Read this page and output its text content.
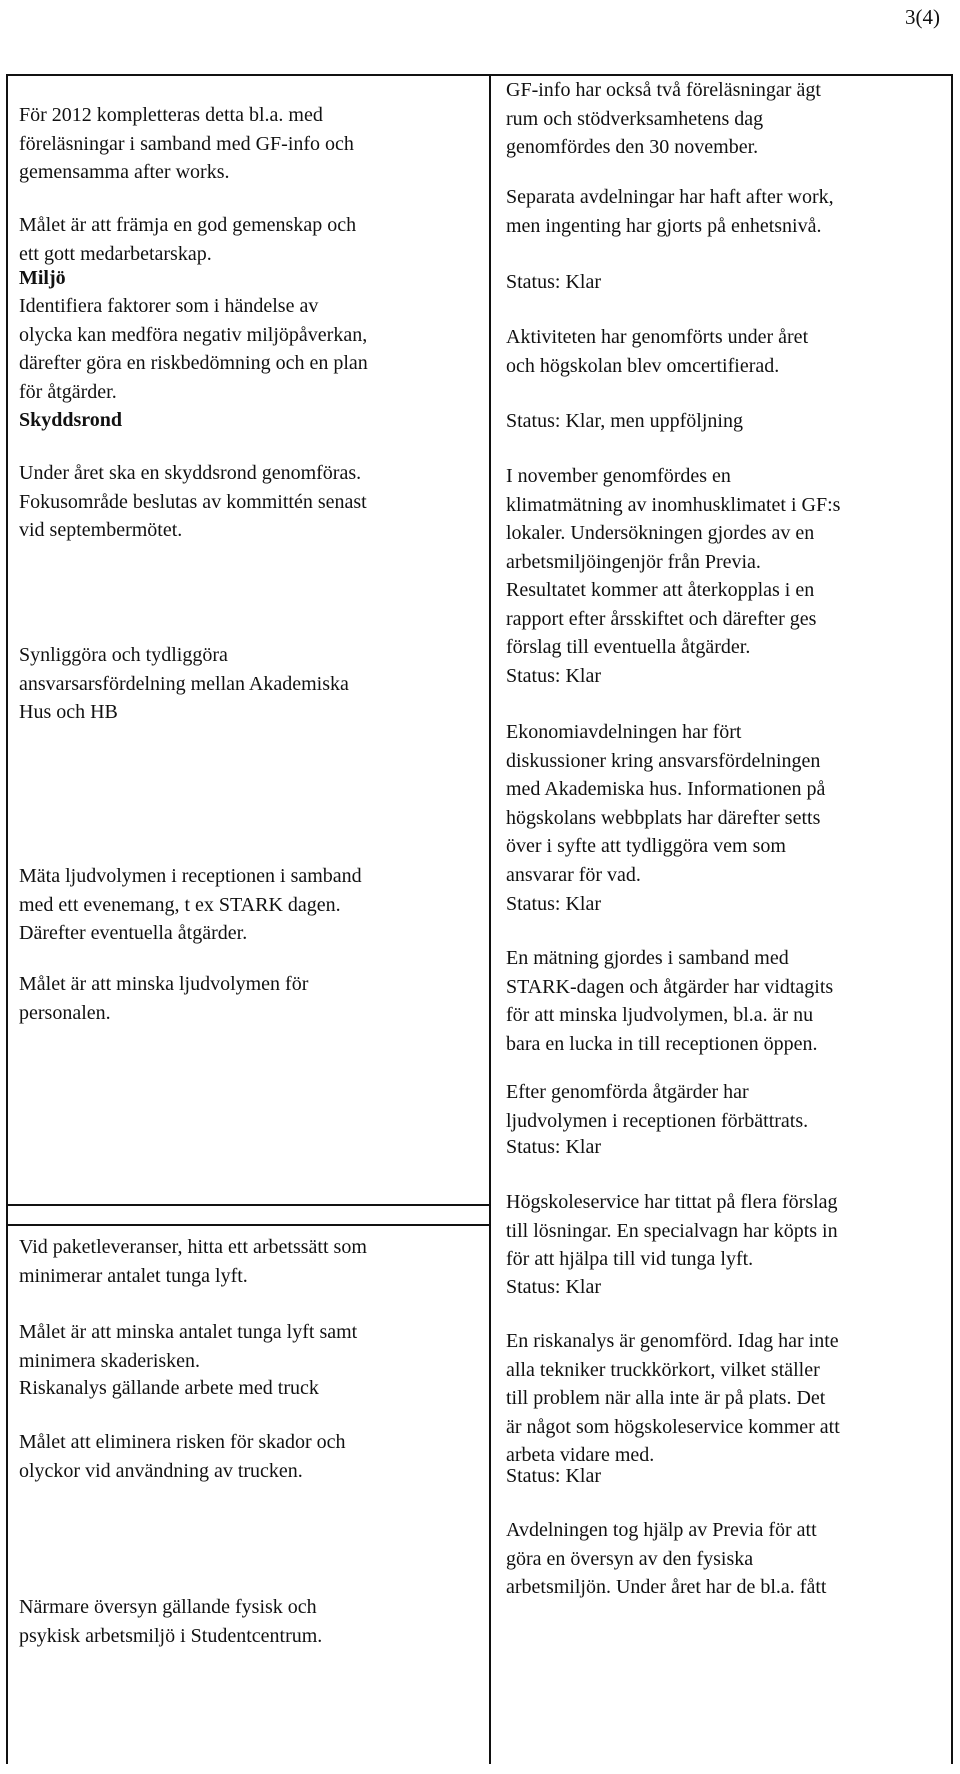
3(4)
För 2012 kompletteras detta bl.a. med
föreläsningar i samband med GF-info och
gemensamma after works.
Målet är att främja en god gemenskap och
ett gott medarbetarskap.
Miljö
Identifiera faktorer som i händelse av
olycka kan medföra negativ miljöpåverkan,
därefter göra en riskbedömning och en plan
för åtgärder.
Skyddsrond
Under året ska en skyddsrond genomföras.
Fokusområde beslutas av kommittén senast
vid septembermötet.
Synliggöra och tydliggöra
ansvarsarsfördelning mellan Akademiska
Hus och HB
Mäta ljudvolymen i receptionen i samband
med ett evenemang, t ex STARK dagen.
Därefter eventuella åtgärder.
Målet är att minska ljudvolymen för
personalen.
Vid paketleveranser, hitta ett arbetssätt som
minimerar antalet tunga lyft.
Målet är att minska antalet tunga lyft samt
minimera skaderisken.
Riskanalys gällande arbete med truck
Målet att eliminera risken för skador och
olyckor vid användning av trucken.
Närmare översyn gällande fysisk och
psykisk arbetsmiljö i Studentcentrum.
GF-info har också två föreläsningar ägt
rum och stödverksamhetens dag
genomfördes den 30 november.
Separata avdelningar har haft after work,
men ingenting har gjorts på enhetsnivå.
Status: Klar
Aktiviteten har genomförts under året
och högskolan blev omcertifierad.
Status: Klar, men uppföljning
I november genomfördes en
klimatmätning av inomhusklimatet i GF:s
lokaler. Undersökningen gjordes av en
arbetsmiljöingenjör från Previa.
Resultatet kommer att återkopplas i en
rapport efter årsskiftet och därefter ges
förslag till eventuella åtgärder.
Status: Klar
Ekonomiavdelningen har fört
diskussioner kring ansvarsfördelningen
med Akademiska hus. Informationen på
högskolans webbplats har därefter setts
över i syfte att tydliggöra vem som
ansvarar för vad.
Status: Klar
En mätning gjordes i samband med
STARK-dagen och åtgärder har vidtagits
för att minska ljudvolymen, bl.a. är nu
bara en lucka in till receptionen öppen.
Efter genomförda åtgärder har
ljudvolymen i receptionen förbättrats.
Status: Klar
Högskoleservice har tittat på flera förslag
till lösningar. En specialvagn har köpts in
för att hjälpa till vid tunga lyft.
Status: Klar
En riskanalys är genomförd. Idag har inte
alla tekniker truckkörkort, vilket ställer
till problem när alla inte är på plats. Det
är något som högskoleservice kommer att
arbeta vidare med.
Status: Klar
Avdelningen tog hjälp av Previa för att
göra en översyn av den fysiska
arbetsmiljön. Under året har de bl.a. fått
